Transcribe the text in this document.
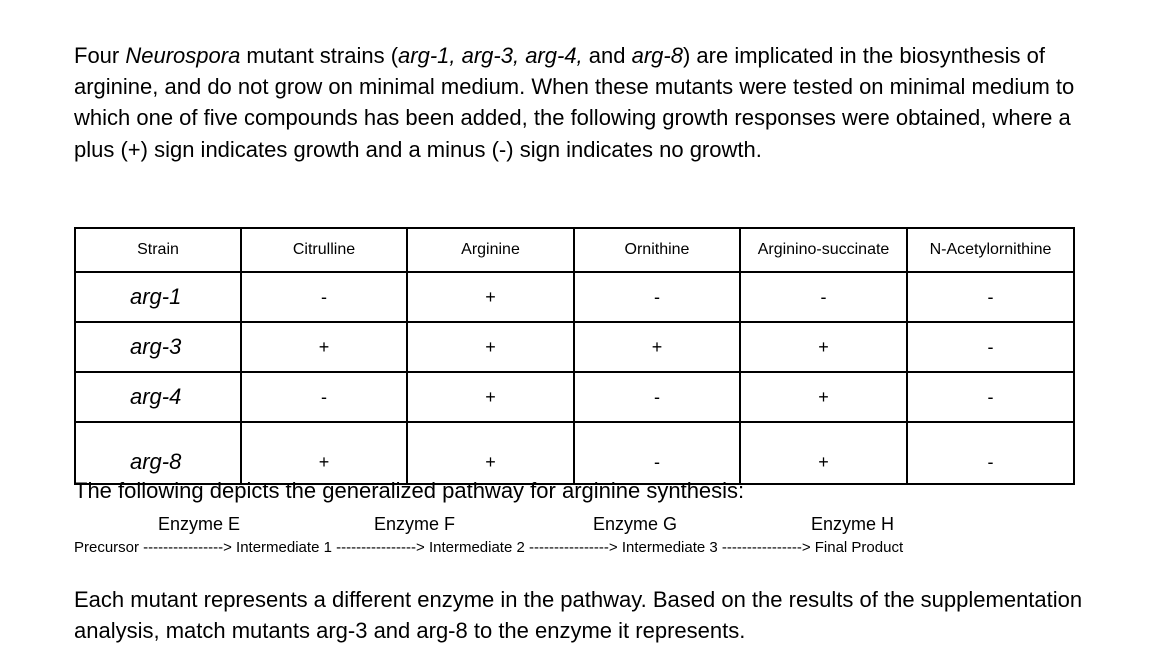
Four Neurospora mutant strains (arg-1, arg-3, arg-4, and arg-8) are implicated in the biosynthesis of arginine, and do not grow on minimal medium. When these mutants were tested on minimal medium to which one of five compounds has been added, the following growth responses were obtained, where a plus (+) sign indicates growth and a minus (-) sign indicates no growth.

Strain	Citrulline	Arginine	Ornithine	Arginino-succinate	N-Acetylornithine
arg-1	-	+	-	-	-
arg-3	+	+	+	+	-
arg-4	-	+	-	+	-
arg-8	+	+	-	+	-

The following depicts the generalized pathway for arginine synthesis:

Enzyme E	Enzyme F	Enzyme G	Enzyme H
Precursor ----------------> Intermediate 1 ----------------> Intermediate 2 ----------------> Intermediate 3 ----------------> Final Product

Each mutant represents a different enzyme in the pathway. Based on the results of the supplementation analysis, match mutants arg-3 and arg-8 to the enzyme it represents.
